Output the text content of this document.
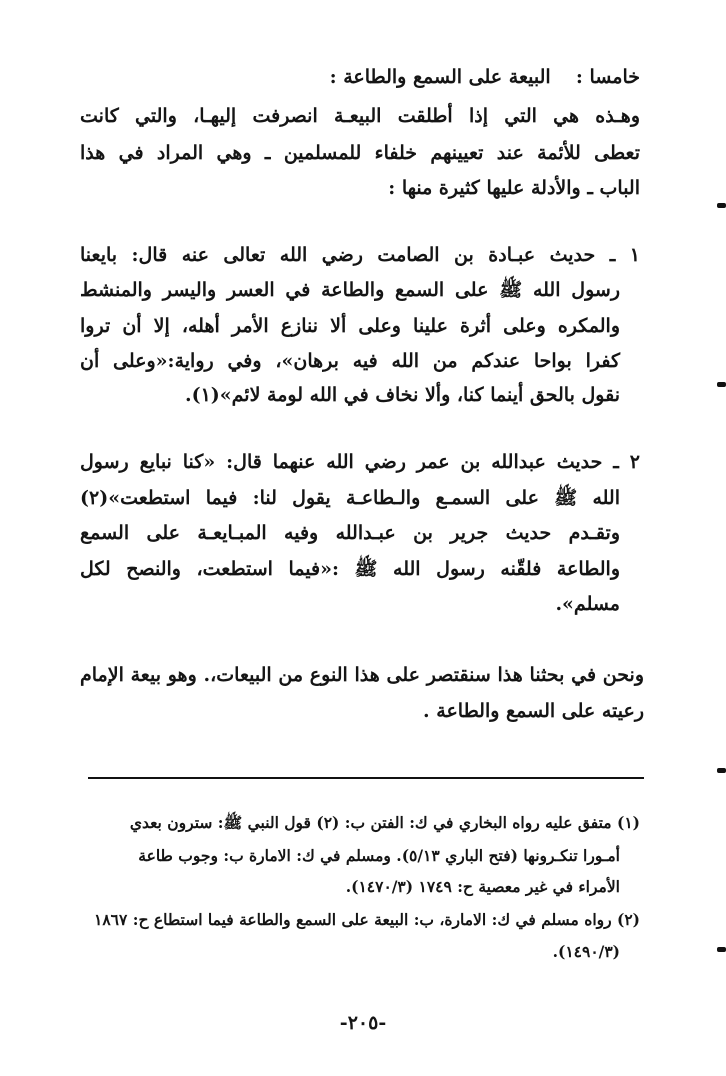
خامسا :  البيعة على السمع والطاعة :
وهـذه هي التي إذا أطلقت البيعـة انصرفت إليهـا، والتي كانت
تعطى للأئمة عند تعيينهم خلفاء للمسلمين ـ وهي المراد في هذا
الباب ـ والأدلة عليها كثيرة منها :
١ ـ حديث عبـادة بن الصامت رضي الله تعالى عنه قال: بايعنا
رسول الله ﷺ على السمع والطاعة في العسر واليسر والمنشط
والمكره وعلى أثرة علينا وعلى ألا ننازع الأمر أهله، إلا أن تروا
كفرا بواحا عندكم من الله فيه برهان»، وفي رواية:«وعلى أن
نقول بالحق أينما كنا، وألا نخاف في الله لومة لائم»(١).
٢ ـ حديث عبدالله بن عمر رضي الله عنهما قال: «كنا نبايع رسول
الله ﷺ على السمـع والـطاعـة يقول لنا: فيما استطعت»(٢)
وتقـدم حديث جرير بن عبـدالله وفيه المبـايعـة على السمع
والطاعة فلقّنه رسول الله ﷺ :«فيما استطعت، والنصح لكل
مسلم».
ونحن في بحثنا هذا سنقتصر على هذا النوع من البيعات،. وهو بيعة الإمام
رعيته على السمع والطاعة .
(١) متفق عليه رواه البخاري في ك: الفتن ب: (٢) قول النبي ﷺ: سترون بعدي
أمـورا تنكـرونها (فتح الباري ٥/١٣). ومسلم في ك: الامارة ب: وجوب طاعة
الأمراء في غير معصية ح: ١٧٤٩ (١٤٧٠/٣).
(٢) رواه مسلم في ك: الامارة، ب: البيعة على السمع والطاعة فيما استطاع ح: ١٨٦٧
(١٤٩٠/٣).
-٢٠٥-
